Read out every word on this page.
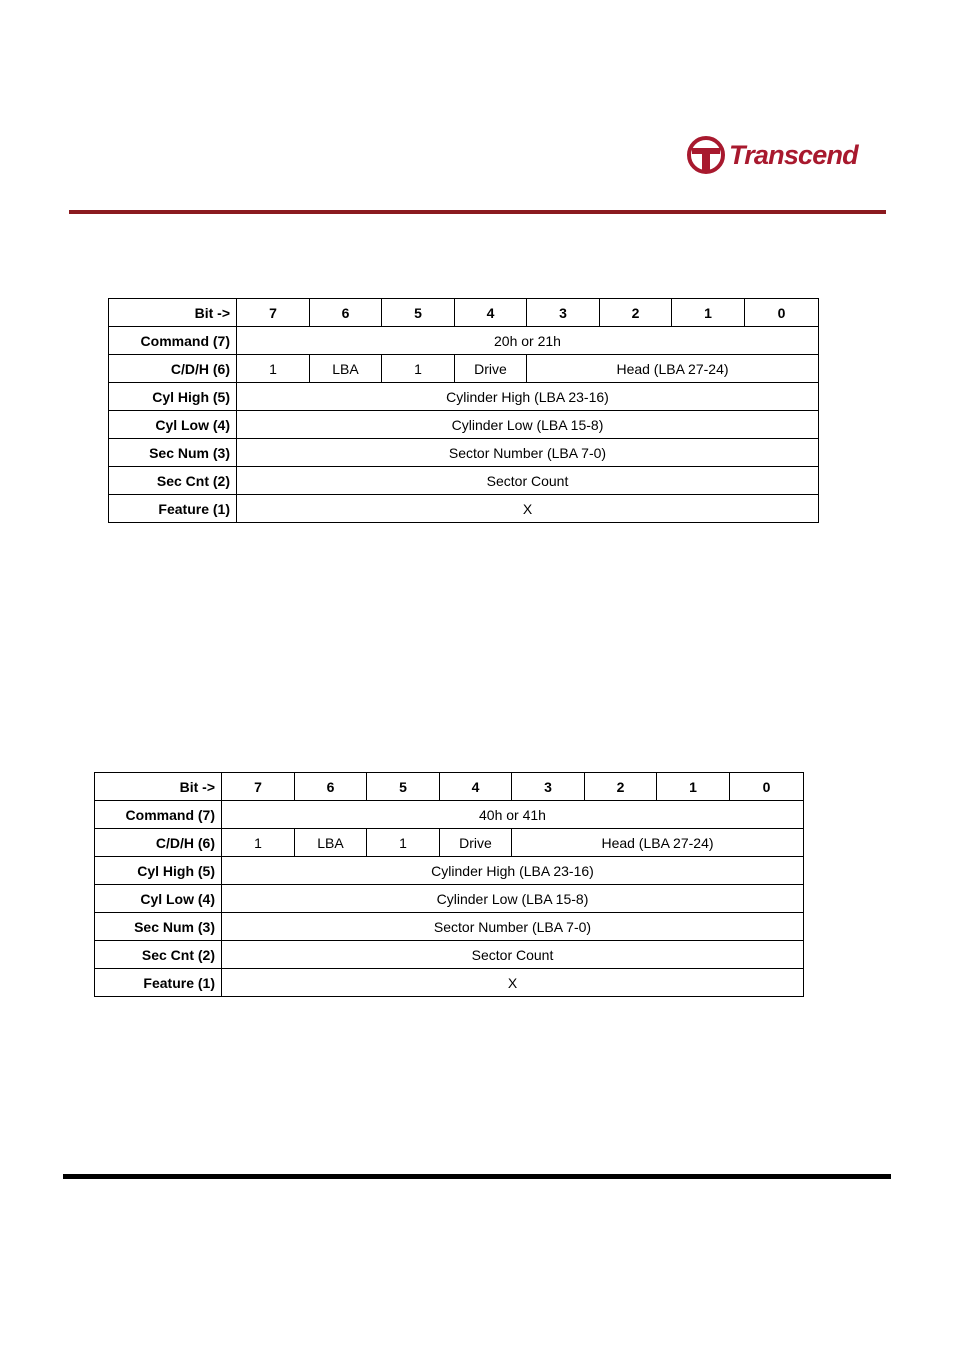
Transcend
Bit ->	7	6	5	4	3	2	1	0
Command (7)	20h or 21h							
C/D/H (6)	1	LBA	1	Drive	Head (LBA 27-24)			
Cyl High (5)	Cylinder High (LBA 23-16)							
Cyl Low (4)	Cylinder Low (LBA 15-8)							
Sec Num (3)	Sector Number (LBA 7-0)							
Sec Cnt (2)	Sector Count							
Feature (1)	X							
Bit ->	7	6	5	4	3	2	1	0
Command (7)	40h or 41h							
C/D/H (6)	1	LBA	1	Drive	Head (LBA 27-24)			
Cyl High (5)	Cylinder High (LBA 23-16)							
Cyl Low (4)	Cylinder Low (LBA 15-8)							
Sec Num (3)	Sector Number (LBA 7-0)							
Sec Cnt (2)	Sector Count							
Feature (1)	X							
